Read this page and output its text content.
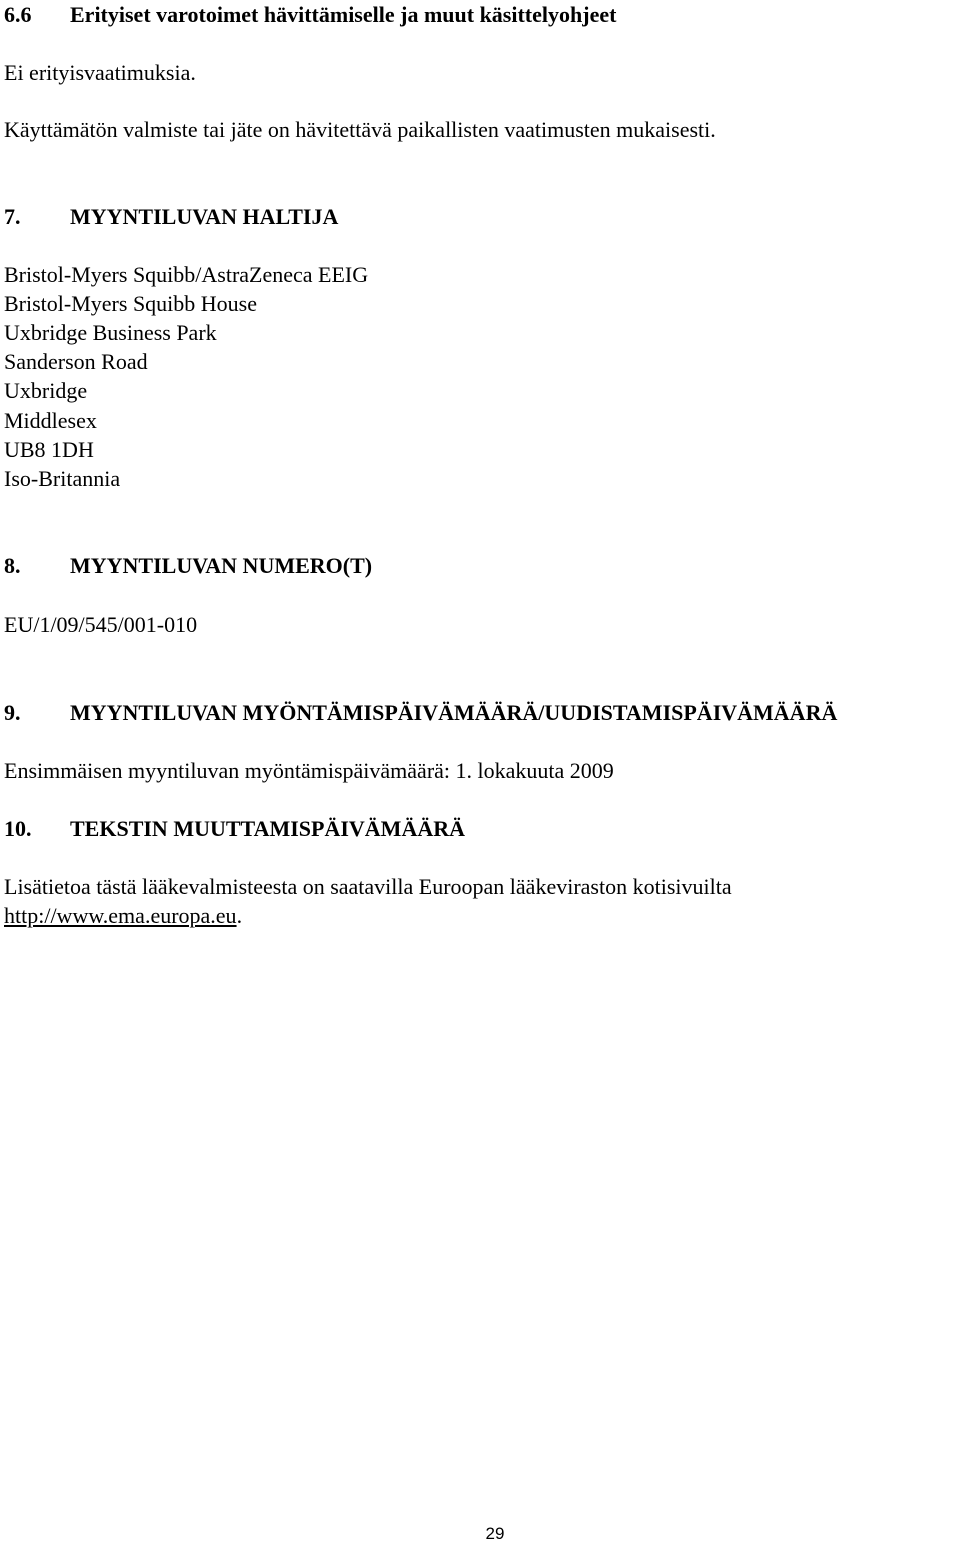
6.6 Erityiset varotoimet hävittämiselle ja muut käsittelyohjeet
Ei erityisvaatimuksia.
Käyttämätön valmiste tai jäte on hävitettävä paikallisten vaatimusten mukaisesti.
7. MYYNTILUVAN HALTIJA
Bristol-Myers Squibb/AstraZeneca EEIG
Bristol-Myers Squibb House
Uxbridge Business Park
Sanderson Road
Uxbridge
Middlesex
UB8 1DH
Iso-Britannia
8. MYYNTILUVAN NUMERO(T)
EU/1/09/545/001-010
9. MYYNTILUVAN MYÖNTÄMISPÄIVÄMÄÄRÄ/UUDISTAMISPÄIVÄMÄÄRÄ
Ensimmäisen myyntiluvan myöntämispäivämäärä: 1. lokakuuta 2009
10. TEKSTIN MUUTTAMISPÄIVÄMÄÄRÄ
Lisätietoa tästä lääkevalmisteesta on saatavilla Euroopan lääkeviraston kotisivuilta
http://www.ema.europa.eu.
29
